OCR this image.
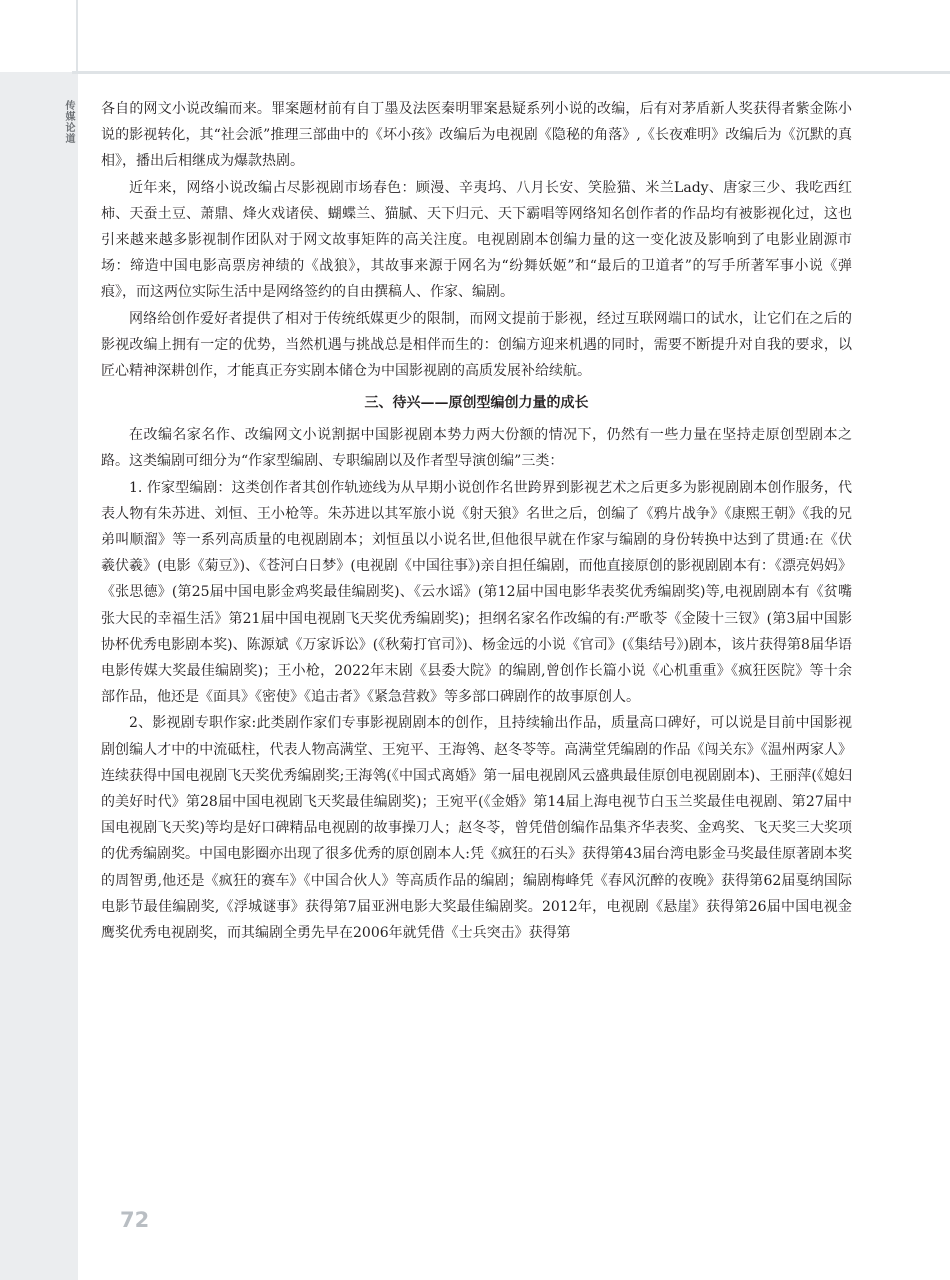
传媒论道 各自的网文小说改编而来。罪案题材前有自丁墨及法医秦明罪案悬疑系列小说的改编，后有对茅盾新人奖获得者紫金陈小说的影视转化，其“社会派”推理三部曲中的《坏小孩》改编后为电视剧《隐秘的角落》,《长夜难明》改编后为《沉默的真相》，播出后相继成为爆款热剧。

近年来，网络小说改编占尽影视剧市场春色：顾漫、辛夷坞、八月长安、笑脸猫、米兰Lady、唐家三少、我吃西红柿、天蚕土豆、萧鼎、烽火戏诸侯、蝴蝶兰、猫腻、天下归元、天下霸唱等网络知名创作者的作品均有被影视化过，这也引来越来越多影视制作团队对于网文故事矩阵的高关注度。电视剧剧本创编力量的这一变化波及影响到了电影业剧源市场：缔造中国电影高票房神绩的《战狼》，其故事来源于网名为“纷舞妖姬”和“最后的卫道者”的写手所著军事小说《弹痕》，而这两位实际生活中是网络签约的自由撰稿人、作家、编剧。

网络给创作爱好者提供了相对于传统纸媒更少的限制，而网文提前于影视，经过互联网端口的试水，让它们在之后的影视改编上拥有一定的优势，当然机遇与挑战总是相伴而生的：创编方迎来机遇的同时，需要不断提升对自我的要求，以匠心精神深耕创作，才能真正夯实剧本储仓为中国影视剧的高质发展补给续航。

三、待兴——原创型编创力量的成长

在改编名家名作、改编网文小说割据中国影视剧本势力两大份额的情况下，仍然有一些力量在坚持走原创型剧本之路。这类编剧可细分为“作家型编剧、专职编剧以及作者型导演创编”三类：

1. 作家型编剧：这类创作者其创作轨迹线为从早期小说创作名世跨界到影视艺术之后更多为影视剧剧本创作服务，代表人物有朱苏进、刘恒、王小枪等。朱苏进以其军旅小说《射天狼》名世之后，创编了《鸦片战争》《康熙王朝》《我的兄弟叫顺溜》等一系列高质量的电视剧剧本；刘恒虽以小说名世,但他很早就在作家与编剧的身份转换中达到了贯通:在《伏羲伏羲》(电影《菊豆》)、《苍河白日梦》(电视剧《中国往事》)亲自担任编剧，而他直接原创的影视剧剧本有：《漂亮妈妈》《张思德》(第25届中国电影金鸡奖最佳编剧奖)、《云水谣》(第12届中国电影华表奖优秀编剧奖)等,电视剧剧本有《贫嘴张大民的幸福生活》第21届中国电视剧飞天奖优秀编剧奖)；担纲名家名作改编的有:严歌苓《金陵十三钗》(第3届中国影协杯优秀电影剧本奖)、陈源斌《万家诉讼》(《秋菊打官司》)、杨金远的小说《官司》(《集结号》)剧本，该片获得第8届华语电影传媒大奖最佳编剧奖)；王小枪，2022年末剧《县委大院》的编剧,曾创作长篇小说《心机重重》《疯狂医院》等十余部作品，他还是《面具》《密使》《追击者》《紧急营救》等多部口碑剧作的故事原创人。

2、影视剧专职作家:此类剧作家们专事影视剧剧本的创作，且持续输出作品，质量高口碑好，可以说是目前中国影视剧创编人才中的中流砥柱，代表人物高满堂、王宛平、王海鸰、赵冬苓等。高满堂凭编剧的作品《闯关东》《温州两家人》连续获得中国电视剧飞天奖优秀编剧奖;王海鸰(《中国式离婚》第一届电视剧风云盛典最佳原创电视剧剧本)、王丽萍(《媳妇的美好时代》第28届中国电视剧飞天奖最佳编剧奖)；王宛平(《金婚》第14届上海电视节白玉兰奖最佳电视剧、第27届中国电视剧飞天奖)等均是好口碑精品电视剧的故事操刀人；赵冬苓，曾凭借创编作品集齐华表奖、金鸡奖、飞天奖三大奖项的优秀编剧奖。中国电影圈亦出现了很多优秀的原创剧本人:凭《疯狂的石头》获得第43届台湾电影金马奖最佳原著剧本奖的周智勇,他还是《疯狂的赛车》《中国合伙人》等高质作品的编剧；编剧梅峰凭《春风沉醉的夜晚》获得第62届戛纳国际电影节最佳编剧奖,《浮城谜事》获得第7届亚洲电影大奖最佳编剧奖。2012年，电视剧《悬崖》获得第26届中国电视金鹰奖优秀电视剧奖，而其编剧全勇先早在2006年就凭借《士兵突击》获得第

72
